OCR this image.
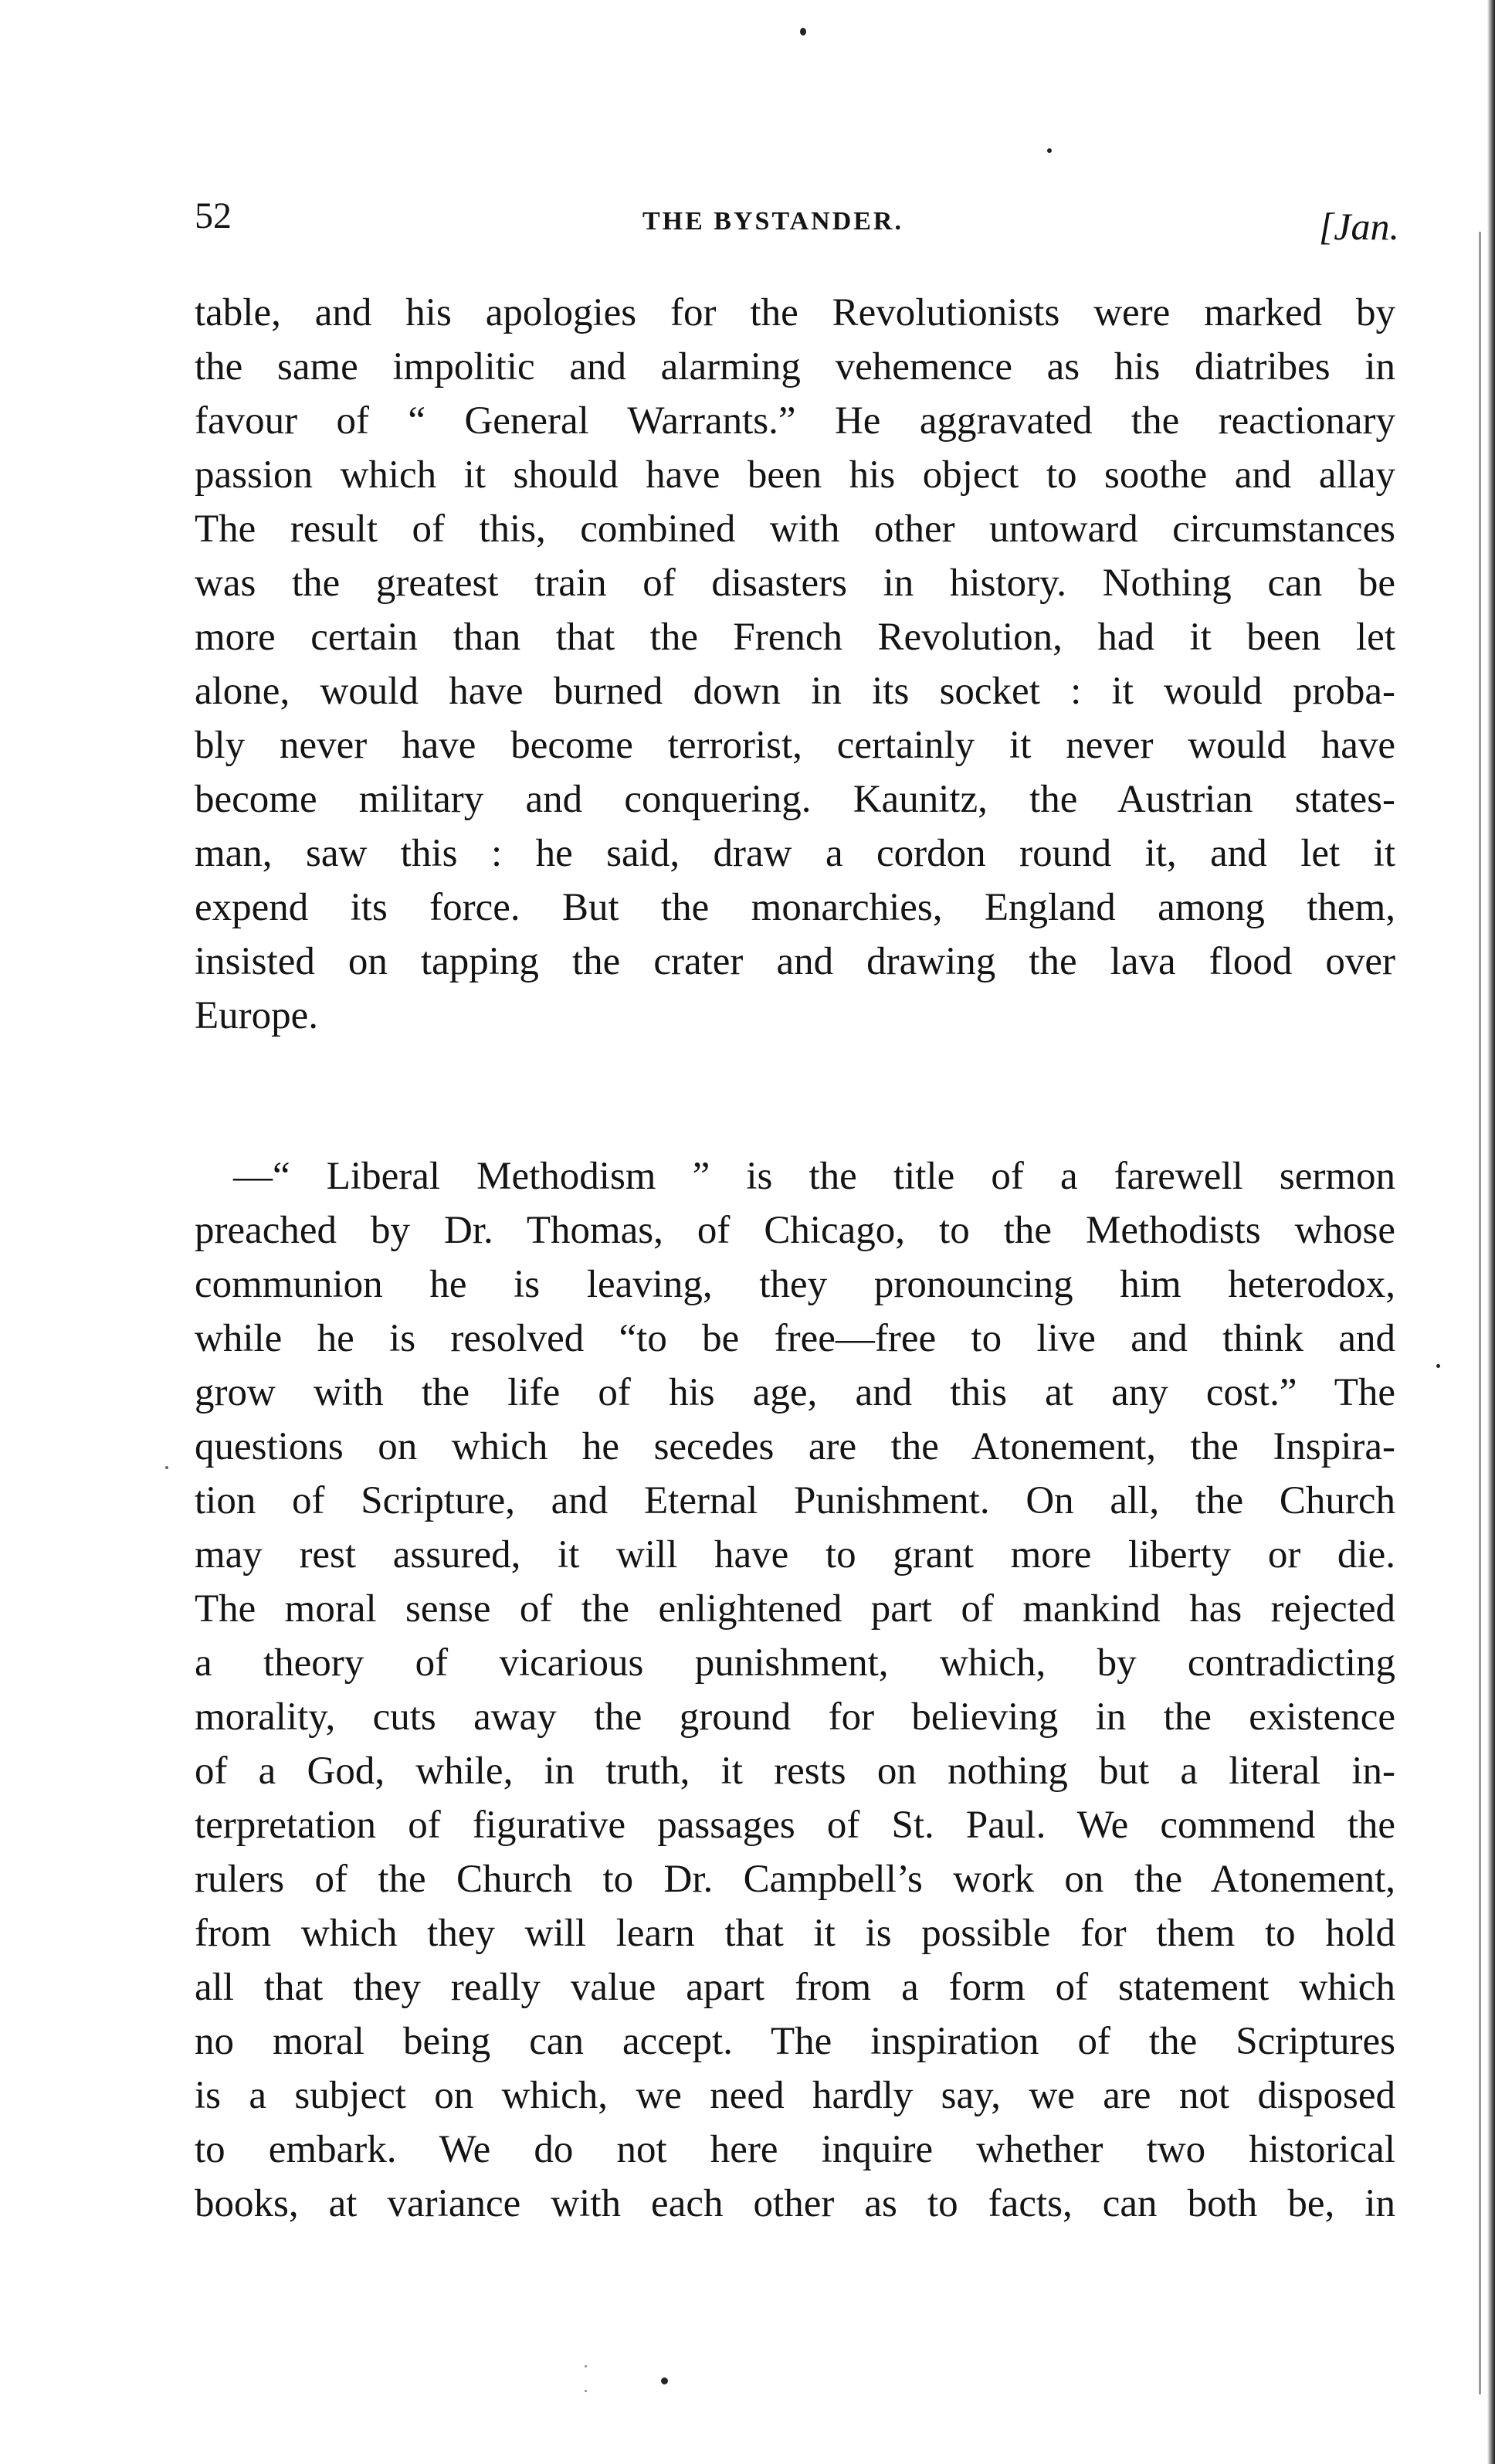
52	THE BYSTANDER.	[Jan.
table, and his apologies for the Revolutionists were marked by
the same impolitic and alarming vehemence as his diatribes in
favour of “ General Warrants.” He aggravated the reactionary
passion which it should have been his object to soothe and allay
The result of this, combined with other untoward circumstances
was the greatest train of disasters in history. Nothing can be
more certain than that the French Revolution, had it been let
alone, would have burned down in its socket : it would proba-
bly never have become terrorist, certainly it never would have
become military and conquering. Kaunitz, the Austrian states-
man, saw this : he said, draw a cordon round it, and let it
expend its force. But the monarchies, England among them,
insisted on tapping the crater and drawing the lava flood over
Europe.
—“ Liberal Methodism ” is the title of a farewell sermon
preached by Dr. Thomas, of Chicago, to the Methodists whose
communion he is leaving, they pronouncing him heterodox,
while he is resolved “to be free—free to live and think and
grow with the life of his age, and this at any cost.” The
questions on which he secedes are the Atonement, the Inspira-
tion of Scripture, and Eternal Punishment. On all, the Church
may rest assured, it will have to grant more liberty or die.
The moral sense of the enlightened part of mankind has rejected
a theory of vicarious punishment, which, by contradicting
morality, cuts away the ground for believing in the existence
of a God, while, in truth, it rests on nothing but a literal in-
terpretation of figurative passages of St. Paul. We commend the
rulers of the Church to Dr. Campbell’s work on the Atonement,
from which they will learn that it is possible for them to hold
all that they really value apart from a form of statement which
no moral being can accept. The inspiration of the Scriptures
is a subject on which, we need hardly say, we are not disposed
to embark. We do not here inquire whether two historical
books, at variance with each other as to facts, can both be, in
